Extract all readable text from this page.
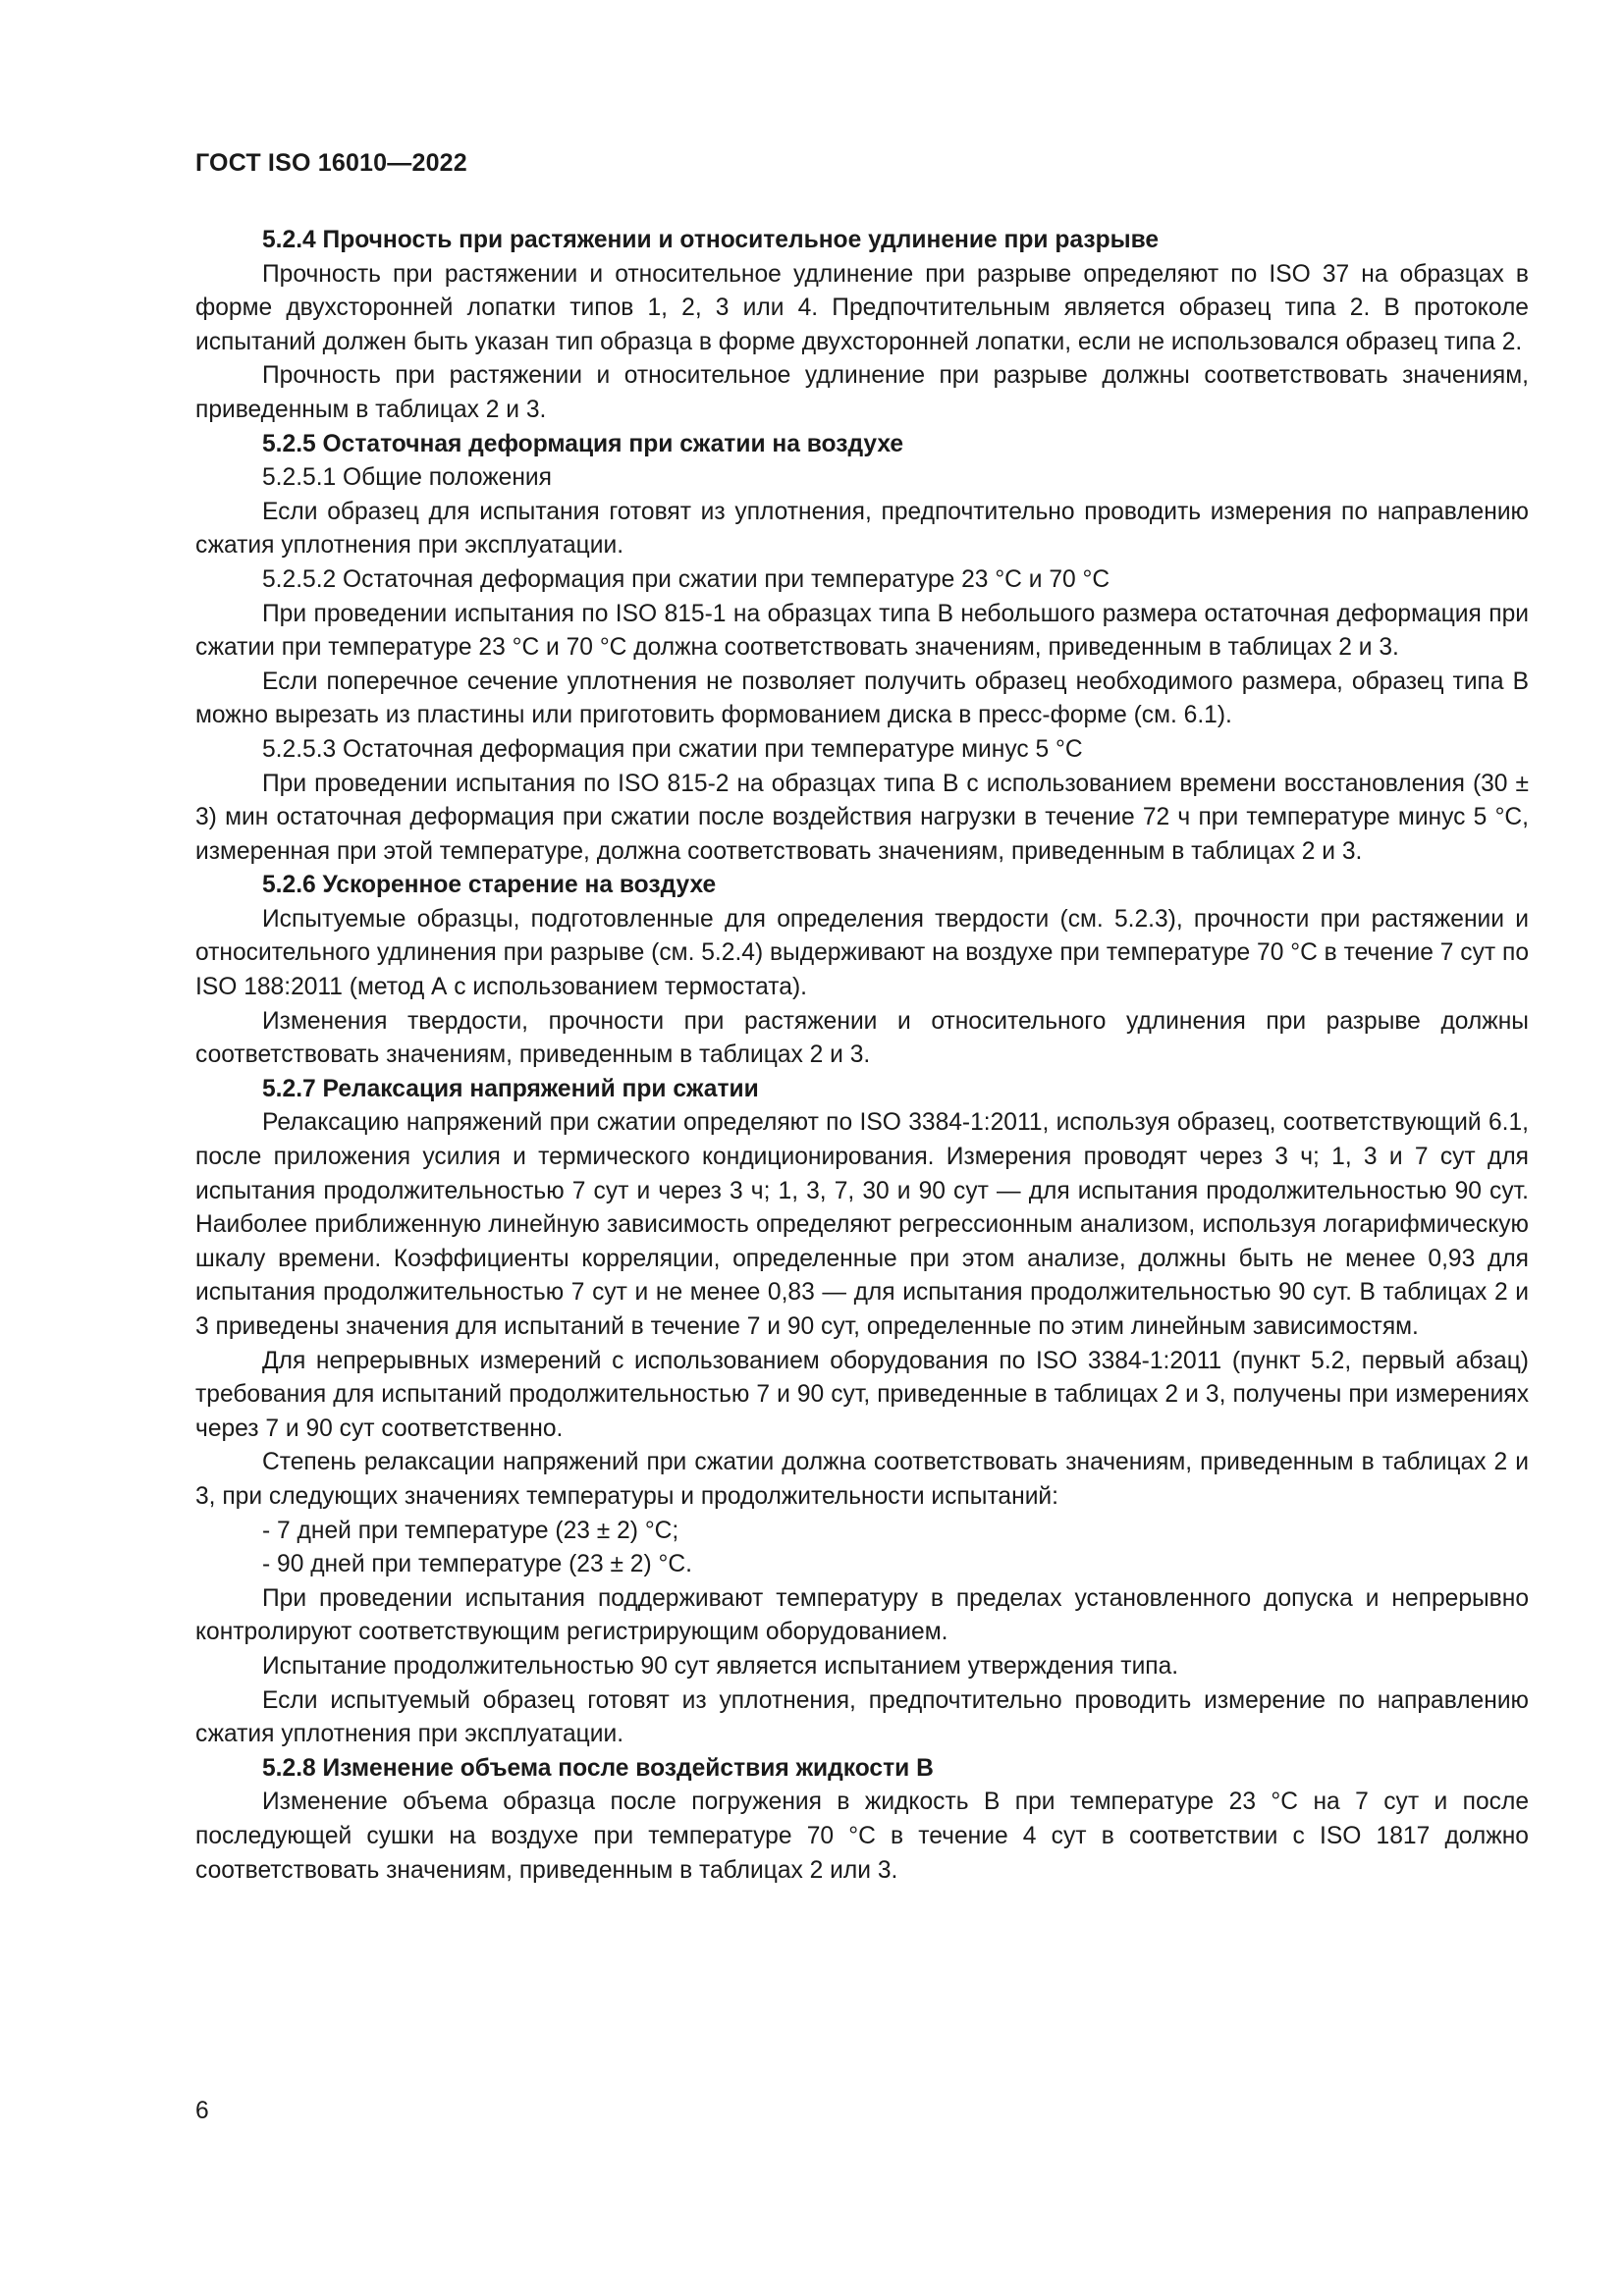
ГОСТ ISO 16010—2022

5.2.4 Прочность при растяжении и относительное удлинение при разрыве

Прочность при растяжении и относительное удлинение при разрыве определяют по ISO 37 на образцах в форме двухсторонней лопатки типов 1, 2, 3 или 4. Предпочтительным является образец типа 2. В протоколе испытаний должен быть указан тип образца в форме двухсторонней лопатки, если не использовался образец типа 2.

Прочность при растяжении и относительное удлинение при разрыве должны соответствовать значениям, приведенным в таблицах 2 и 3.

5.2.5 Остаточная деформация при сжатии на воздухе

5.2.5.1 Общие положения

Если образец для испытания готовят из уплотнения, предпочтительно проводить измерения по направлению сжатия уплотнения при эксплуатации.

5.2.5.2 Остаточная деформация при сжатии при температуре 23 °С и 70 °С

При проведении испытания по ISO 815-1 на образцах типа В небольшого размера остаточная деформация при сжатии при температуре 23 °С и 70 °С должна соответствовать значениям, приведенным в таблицах 2 и 3.

Если поперечное сечение уплотнения не позволяет получить образец необходимого размера, образец типа В можно вырезать из пластины или приготовить формованием диска в пресс-форме (см. 6.1).

5.2.5.3 Остаточная деформация при сжатии при температуре минус 5 °С

При проведении испытания по ISO 815-2 на образцах типа В с использованием времени восстановления (30 ± 3) мин остаточная деформация при сжатии после воздействия нагрузки в течение 72 ч при температуре минус 5 °С, измеренная при этой температуре, должна соответствовать значениям, приведенным в таблицах 2 и 3.

5.2.6 Ускоренное старение на воздухе

Испытуемые образцы, подготовленные для определения твердости (см. 5.2.3), прочности при растяжении и относительного удлинения при разрыве (см. 5.2.4) выдерживают на воздухе при температуре 70 °С в течение 7 сут по ISO 188:2011 (метод А с использованием термостата).

Изменения твердости, прочности при растяжении и относительного удлинения при разрыве должны соответствовать значениям, приведенным в таблицах 2 и 3.

5.2.7 Релаксация напряжений при сжатии

Релаксацию напряжений при сжатии определяют по ISO 3384-1:2011, используя образец, соответствующий 6.1, после приложения усилия и термического кондиционирования. Измерения проводят через 3 ч; 1, 3 и 7 сут для испытания продолжительностью 7 сут и через 3 ч; 1, 3, 7, 30 и 90 сут — для испытания продолжительностью 90 сут. Наиболее приближенную линейную зависимость определяют регрессионным анализом, используя логарифмическую шкалу времени. Коэффициенты корреляции, определенные при этом анализе, должны быть не менее 0,93 для испытания продолжительностью 7 сут и не менее 0,83 — для испытания продолжительностью 90 сут. В таблицах 2 и 3 приведены значения для испытаний в течение 7 и 90 сут, определенные по этим линейным зависимостям.

Для непрерывных измерений с использованием оборудования по ISO 3384-1:2011 (пункт 5.2, первый абзац) требования для испытаний продолжительностью 7 и 90 сут, приведенные в таблицах 2 и 3, получены при измерениях через 7 и 90 сут соответственно.

Степень релаксации напряжений при сжатии должна соответствовать значениям, приведенным в таблицах 2 и 3, при следующих значениях температуры и продолжительности испытаний:

- 7 дней при температуре (23 ± 2) °С;

- 90 дней при температуре (23 ± 2) °С.

При проведении испытания поддерживают температуру в пределах установленного допуска и непрерывно контролируют соответствующим регистрирующим оборудованием.

Испытание продолжительностью 90 сут является испытанием утверждения типа.

Если испытуемый образец готовят из уплотнения, предпочтительно проводить измерение по направлению сжатия уплотнения при эксплуатации.

5.2.8 Изменение объема после воздействия жидкости В

Изменение объема образца после погружения в жидкость В при температуре 23 °С на 7 сут и после последующей сушки на воздухе при температуре 70 °С в течение 4 сут в соответствии с ISO 1817 должно соответствовать значениям, приведенным в таблицах 2 или 3.

6
